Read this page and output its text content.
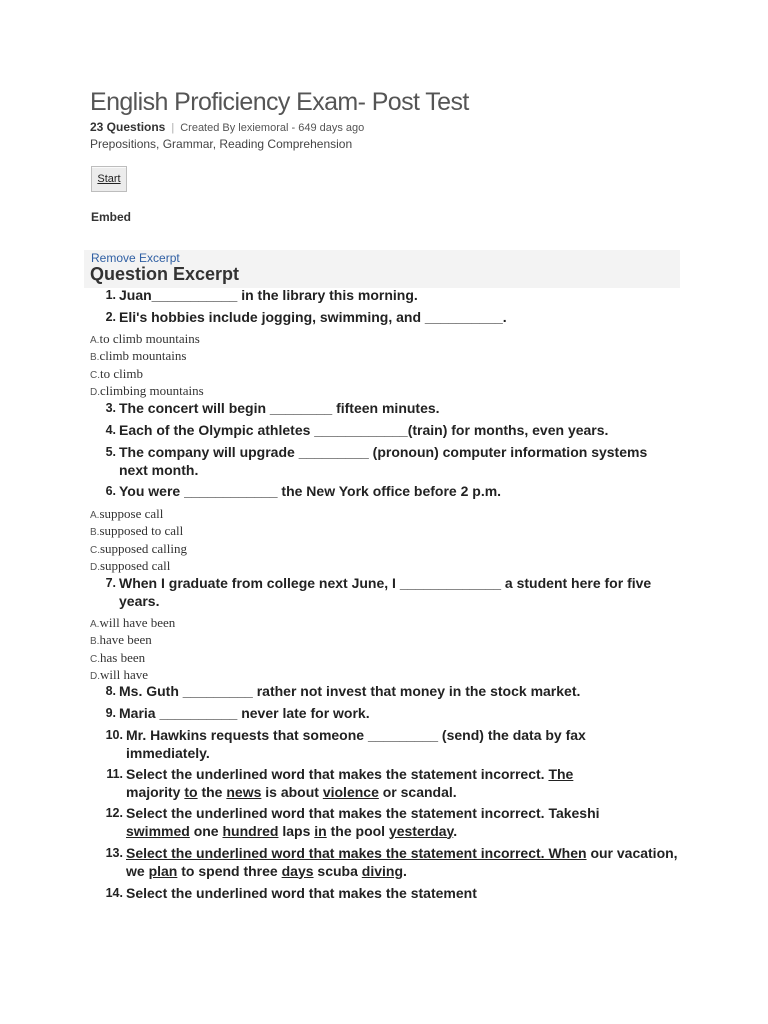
English Proficiency Exam- Post Test
23 Questions | Created By lexiemoral - 649 days ago
Prepositions, Grammar, Reading Comprehension
Start
Embed
Remove Excerpt
Question Excerpt
1. Juan___________ in the library this morning.
2. Eli's hobbies include jogging, swimming, and __________.
A.to climb mountains
B.climb mountains
C.to climb
D.climbing mountains
3. The concert will begin ________ fifteen minutes.
4. Each of the Olympic athletes ____________(train) for months, even years.
5. The company will upgrade _________ (pronoun) computer information systems next month.
6. You were ____________ the New York office before 2 p.m.
A.suppose call
B.supposed to call
C.supposed calling
D.supposed call
7. When I graduate from college next June, I _____________ a student here for five years.
A.will have been
B.have been
C.has been
D.will have
8. Ms. Guth _________ rather not invest that money in the stock market.
9. Maria __________ never late for work.
10. Mr. Hawkins requests that someone _________ (send) the data by fax immediately.
11. Select the underlined word that makes the statement incorrect. The majority to the news is about violence or scandal.
12. Select the underlined word that makes the statement incorrect. Takeshi swimmed one hundred laps in the pool yesterday.
13. Select the underlined word that makes the statement incorrect. When our vacation, we plan to spend three days scuba diving.
14. Select the underlined word that makes the statement
